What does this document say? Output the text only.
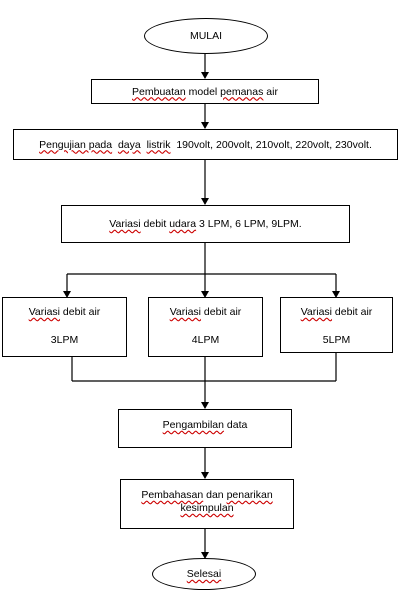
MULAI
Pembuatan model pemanas air
Pengujian pada daya listrik  190volt, 200volt, 210volt, 220volt, 230volt.
Variasi debit udara 3 LPM, 6 LPM, 9LPM.
Variasi debit air
3LPM
Variasi debit air
4LPM
Variasi debit air
5LPM
Pengambilan data
Pembahasan dan penarikan
kesimpulan
Selesai
